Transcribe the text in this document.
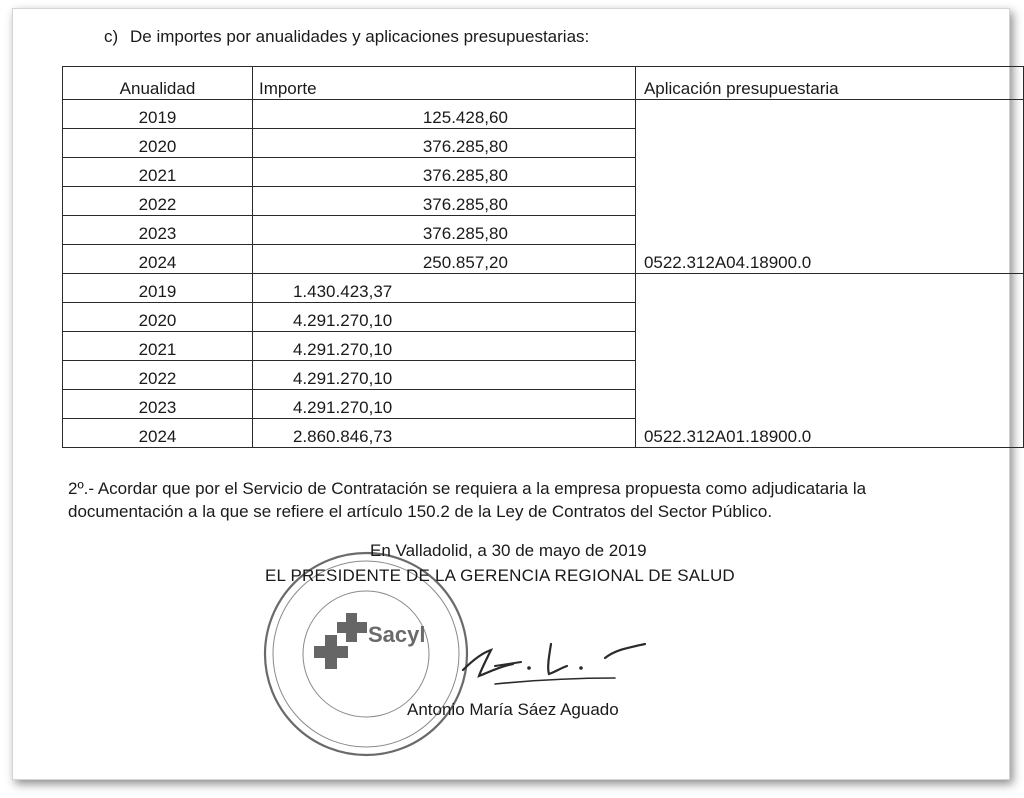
c) De importes por anualidades y aplicaciones presupuestarias:
Anualidad	Importe	Aplicación presupuestaria
2019	125.428,60	0522.312A04.18900.0
2020	376.285,80	
2021	376.285,80	
2022	376.285,80	
2023	376.285,80	
2024	250.857,20	
2019	1.430.423,37	0522.312A01.18900.0
2020	4.291.270,10	
2021	4.291.270,10	
2022	4.291.270,10	
2023	4.291.270,10	
2024	2.860.846,73	
2º.- Acordar que por el Servicio de Contratación se requiera a la empresa propuesta como adjudicataria la documentación a la que se refiere el artículo 150.2 de la Ley de Contratos del Sector Público.
Sacyl
En Valladolid, a 30 de mayo de 2019
EL PRESIDENTE DE LA GERENCIA REGIONAL DE SALUD
Antonio María Sáez Aguado
